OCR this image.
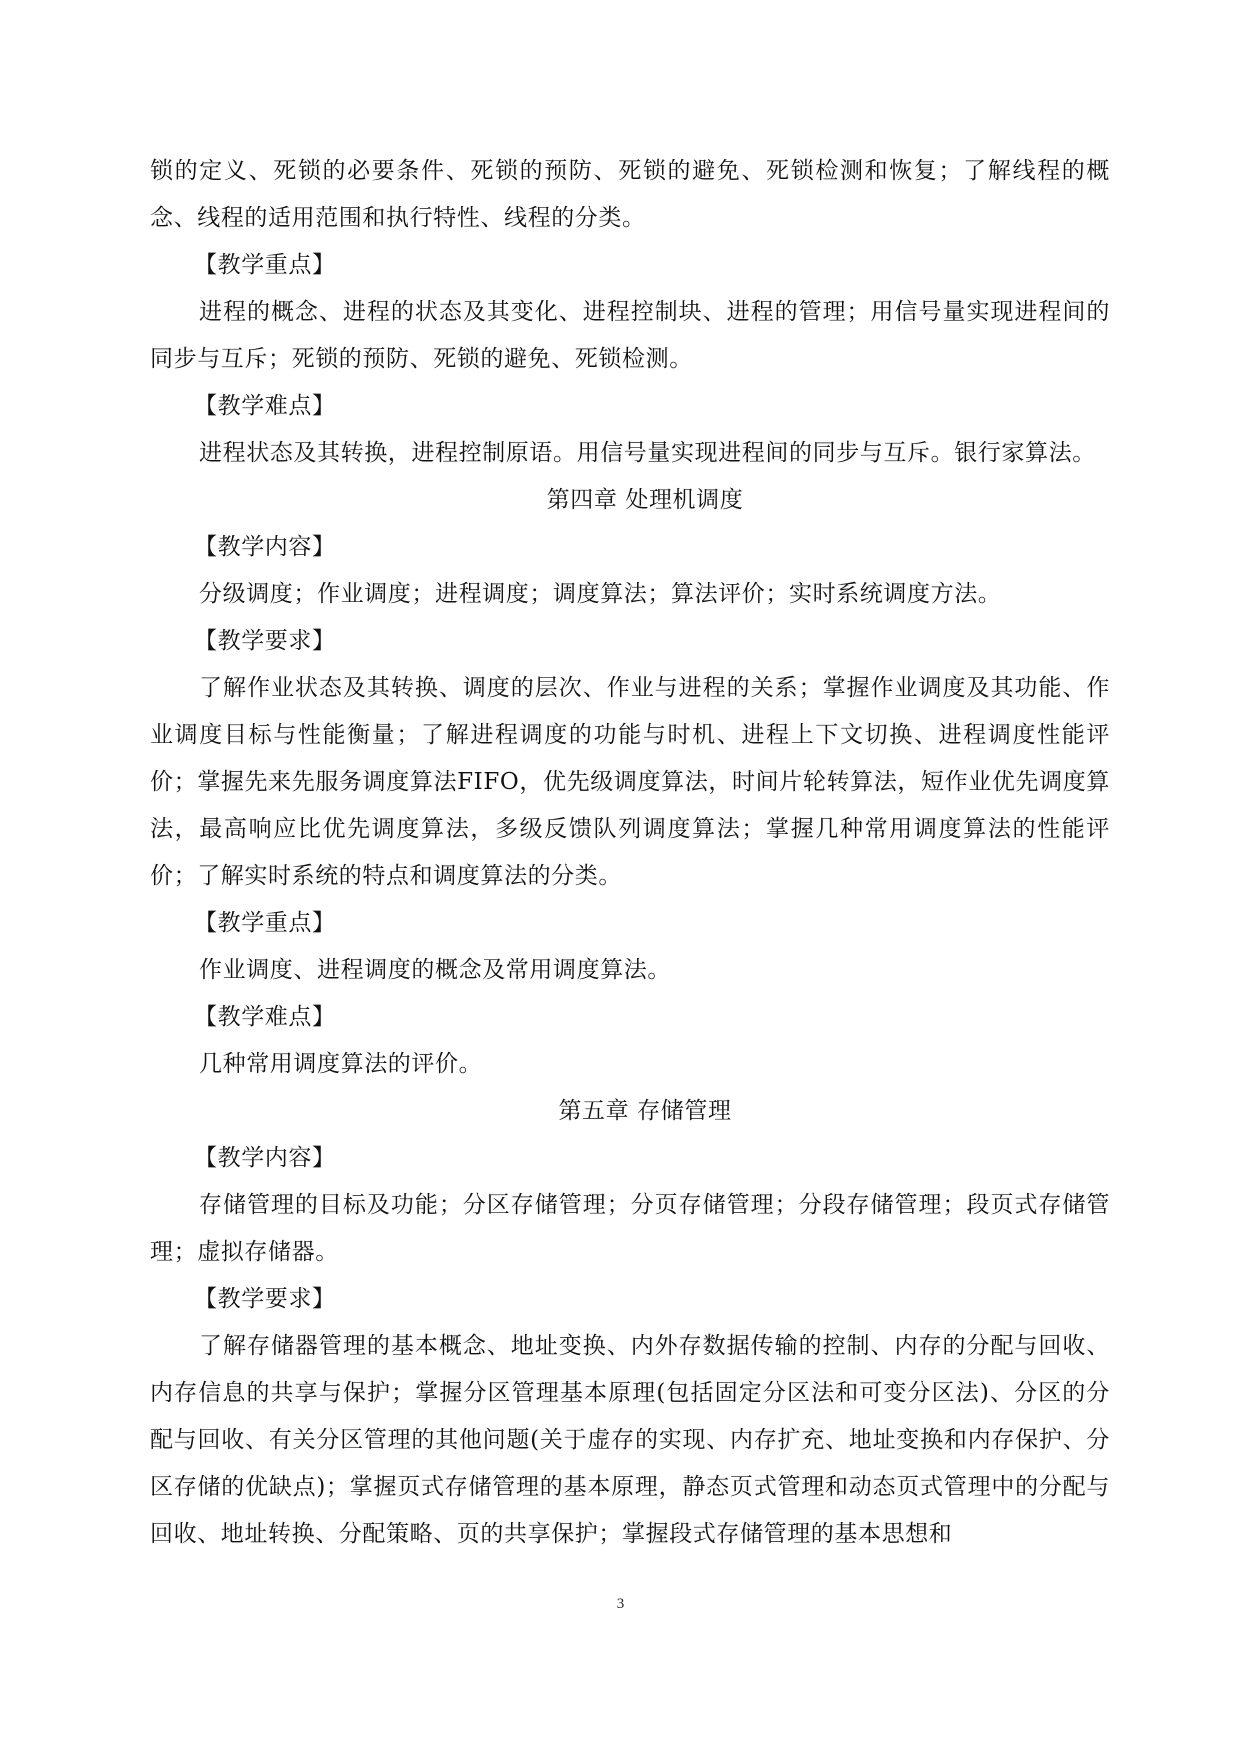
锁的定义、死锁的必要条件、死锁的预防、死锁的避免、死锁检测和恢复；了解线程的概念、线程的适用范围和执行特性、线程的分类。

【教学重点】

进程的概念、进程的状态及其变化、进程控制块、进程的管理；用信号量实现进程间的同步与互斥；死锁的预防、死锁的避免、死锁检测。

【教学难点】

进程状态及其转换，进程控制原语。用信号量实现进程间的同步与互斥。银行家算法。

第四章 处理机调度
【教学内容】

分级调度；作业调度；进程调度；调度算法；算法评价；实时系统调度方法。

【教学要求】

了解作业状态及其转换、调度的层次、作业与进程的关系；掌握作业调度及其功能、作业调度目标与性能衡量；了解进程调度的功能与时机、进程上下文切换、进程调度性能评价；掌握先来先服务调度算法FIFO，优先级调度算法，时间片轮转算法，短作业优先调度算法，最高响应比优先调度算法，多级反馈队列调度算法；掌握几种常用调度算法的性能评价；了解实时系统的特点和调度算法的分类。

【教学重点】

作业调度、进程调度的概念及常用调度算法。

【教学难点】

几种常用调度算法的评价。

第五章 存储管理
【教学内容】

存储管理的目标及功能；分区存储管理；分页存储管理；分段存储管理；段页式存储管理；虚拟存储器。

【教学要求】

了解存储器管理的基本概念、地址变换、内外存数据传输的控制、内存的分配与回收、内存信息的共享与保护；掌握分区管理基本原理(包括固定分区法和可变分区法)、分区的分配与回收、有关分区管理的其他问题(关于虚存的实现、内存扩充、地址变换和内存保护、分区存储的优缺点)；掌握页式存储管理的基本原理，静态页式管理和动态页式管理中的分配与回收、地址转换、分配策略、页的共享保护；掌握段式存储管理的基本思想和

3
